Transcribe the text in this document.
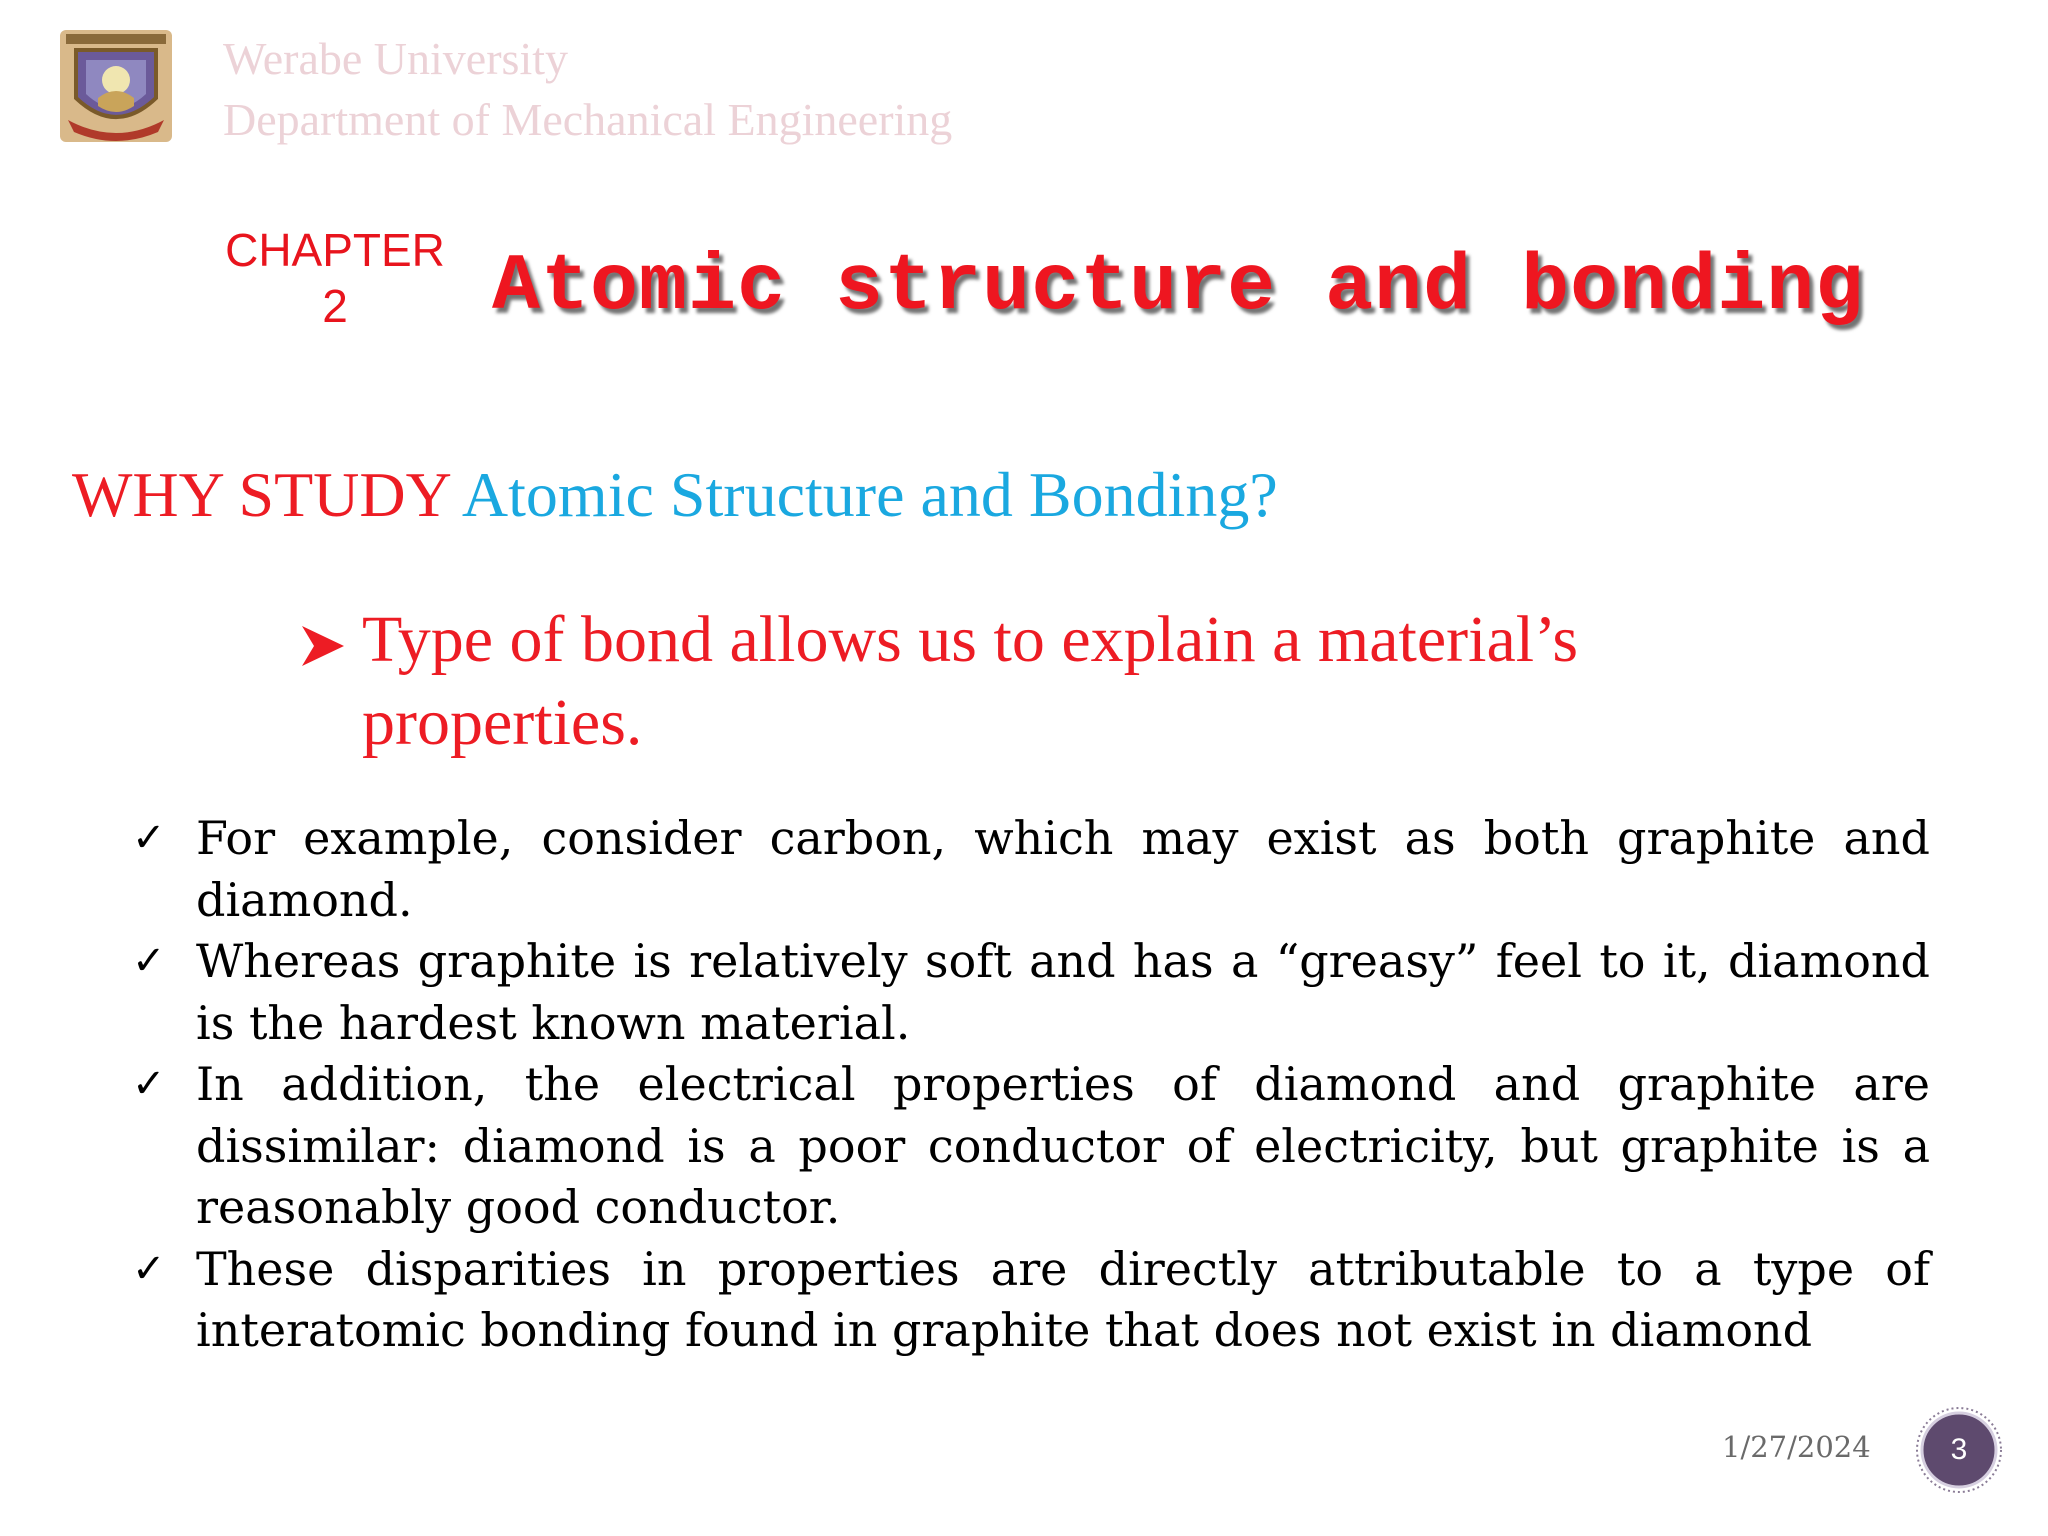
Werabe University
Department of Mechanical Engineering
CHAPTER
2	Atomic structure and bonding
WHY STUDY Atomic Structure and Bonding?
Type of bond allows us to explain a material’s properties.
✓ For example, consider carbon, which may exist as both graphite and diamond.
✓ Whereas graphite is relatively soft and has a “greasy” feel to it, diamond is the hardest known material.
✓ In addition, the electrical properties of diamond and graphite are dissimilar: diamond is a poor conductor of electricity, but graphite is a reasonably good conductor.
✓ These disparities in properties are directly attributable to a type of interatomic bonding found in graphite that does not exist in diamond
1/27/2024	3
